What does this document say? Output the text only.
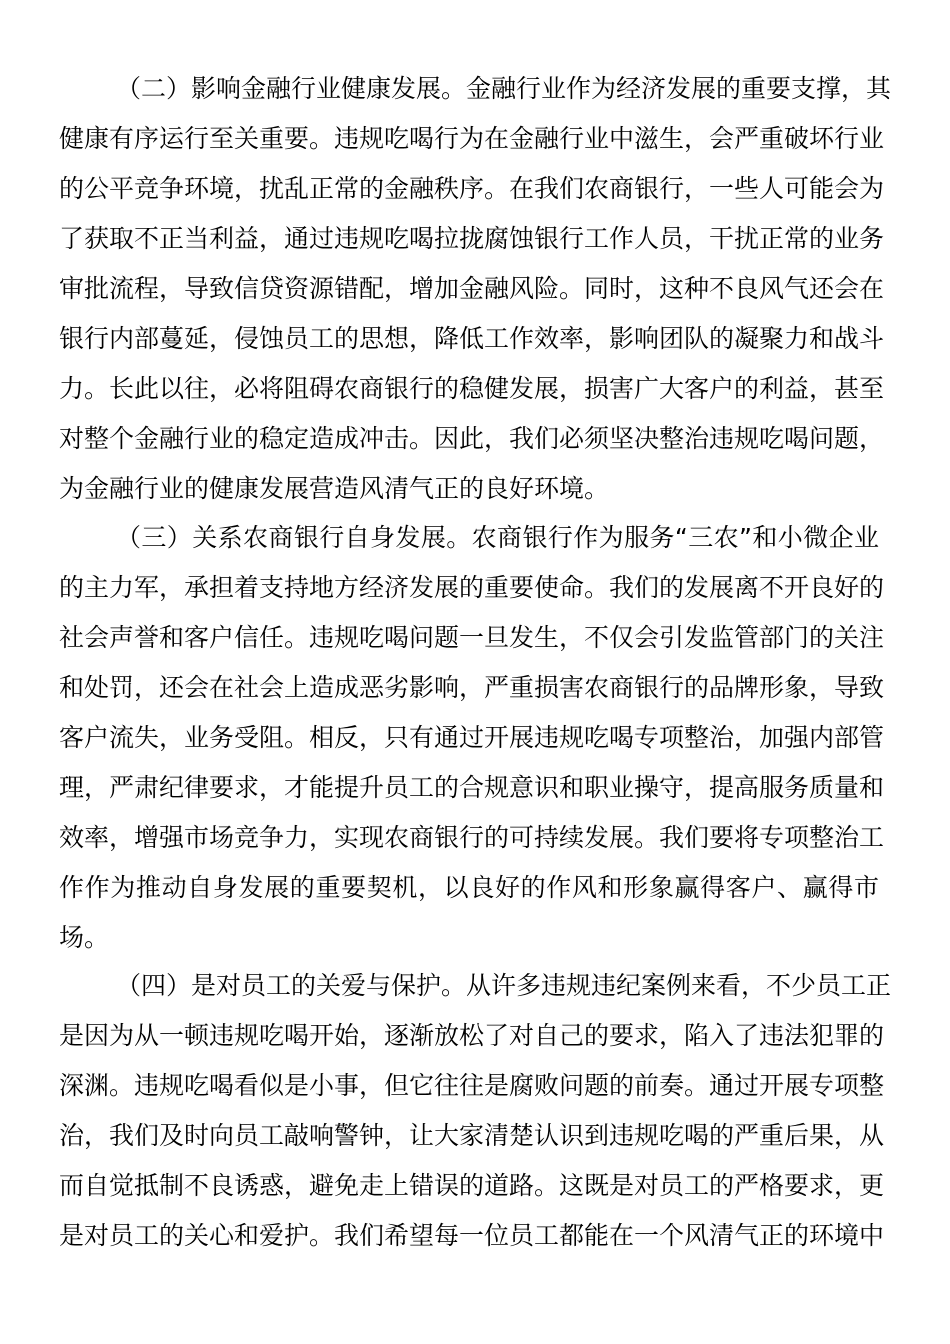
（二）影响金融行业健康发展。金融行业作为经济发展的重要支撑，其
健康有序运行至关重要。违规吃喝行为在金融行业中滋生，会严重破坏行业
的公平竞争环境，扰乱正常的金融秩序。在我们农商银行，一些人可能会为
了获取不正当利益，通过违规吃喝拉拢腐蚀银行工作人员，干扰正常的业务
审批流程，导致信贷资源错配，增加金融风险。同时，这种不良风气还会在
银行内部蔓延，侵蚀员工的思想，降低工作效率，影响团队的凝聚力和战斗
力。长此以往，必将阻碍农商银行的稳健发展，损害广大客户的利益，甚至
对整个金融行业的稳定造成冲击。因此，我们必须坚决整治违规吃喝问题，
为金融行业的健康发展营造风清气正的良好环境。
（三）关系农商银行自身发展。农商银行作为服务“三农”和小微企业
的主力军，承担着支持地方经济发展的重要使命。我们的发展离不开良好的
社会声誉和客户信任。违规吃喝问题一旦发生，不仅会引发监管部门的关注
和处罚，还会在社会上造成恶劣影响，严重损害农商银行的品牌形象，导致
客户流失，业务受阻。相反，只有通过开展违规吃喝专项整治，加强内部管
理，严肃纪律要求，才能提升员工的合规意识和职业操守，提高服务质量和
效率，增强市场竞争力，实现农商银行的可持续发展。我们要将专项整治工
作作为推动自身发展的重要契机，以良好的作风和形象赢得客户、赢得市
场。
（四）是对员工的关爱与保护。从许多违规违纪案例来看，不少员工正
是因为从一顿违规吃喝开始，逐渐放松了对自己的要求，陷入了违法犯罪的
深渊。违规吃喝看似是小事，但它往往是腐败问题的前奏。通过开展专项整
治，我们及时向员工敲响警钟，让大家清楚认识到违规吃喝的严重后果，从
而自觉抵制不良诱惑，避免走上错误的道路。这既是对员工的严格要求，更
是对员工的关心和爱护。我们希望每一位员工都能在一个风清气正的环境中
